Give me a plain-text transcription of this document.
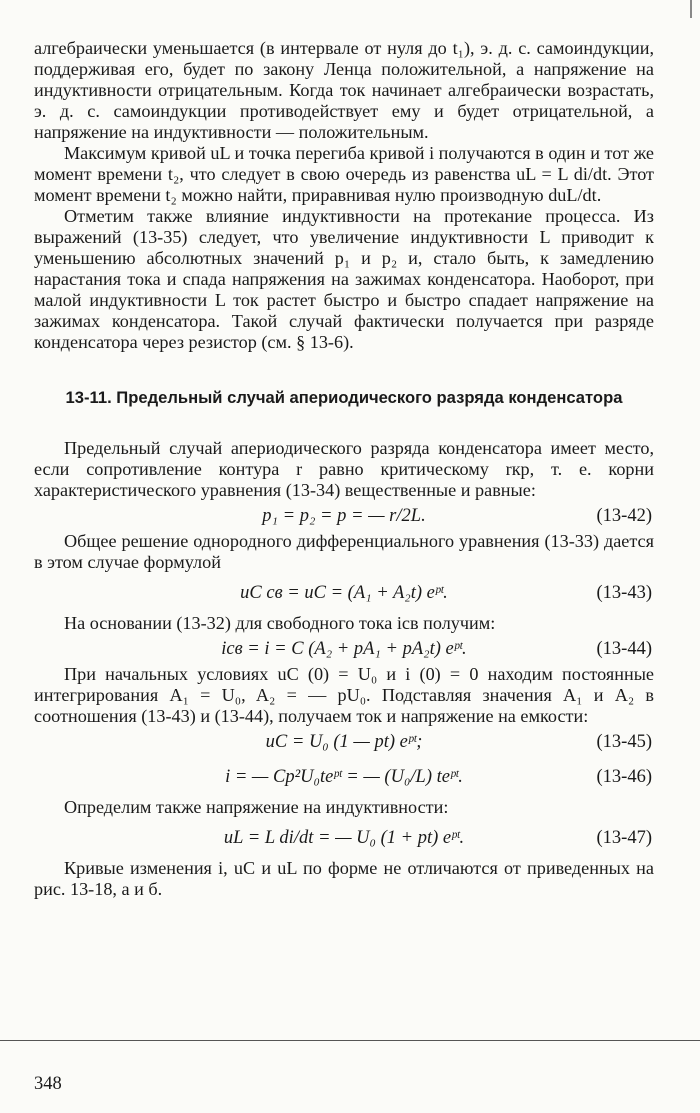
алгебраически уменьшается (в интервале от нуля до t₁), э. д. с. самоиндукции, поддерживая его, будет по закону Ленца положительной, а напряжение на индуктивности отрицательным. Когда ток начинает алгебраически возрастать, э. д. с. самоиндукции противодействует ему и будет отрицательной, а напряжение на индуктивности — положительным.

Максимум кривой uL и точка перегиба кривой i получаются в один и тот же момент времени t₂, что следует в свою очередь из равенства uL = L di/dt. Этот момент времени t₂ можно найти, приравнивая нулю производную duL/dt.

Отметим также влияние индуктивности на протекание процесса. Из выражений (13-35) следует, что увеличение индуктивности L приводит к уменьшению абсолютных значений p₁ и p₂ и, стало быть, к замедлению нарастания тока и спада напряжения на зажимах конденсатора. Наоборот, при малой индуктивности L ток растет быстро и быстро спадает напряжение на зажимах конденсатора. Такой случай фактически получается при разряде конденсатора через резистор (см. § 13-6).

13-11. Предельный случай апериодического разряда конденсатора

Предельный случай апериодического разряда конденсатора имеет место, если сопротивление контура r равно критическому rкр, т. е. корни характеристического уравнения (13-34) вещественные и равные:

p₁ = p₂ = p = — r/2L.	(13-42)

Общее решение однородного дифференциального уравнения (13-33) дается в этом случае формулой

uC св = uC = (A₁ + A₂t) eᵖᵗ.	(13-43)

На основании (13-32) для свободного тока iсв получим:

iсв = i = C (A₂ + pA₁ + pA₂t) eᵖᵗ.	(13-44)

При начальных условиях uC (0) = U₀ и i (0) = 0 находим постоянные интегрирования A₁ = U₀, A₂ = — pU₀. Подставляя значения A₁ и A₂ в соотношения (13-43) и (13-44), получаем ток и напряжение на емкости:

uC = U₀ (1 — pt) eᵖᵗ;	(13-45)
i = — Cp²U₀teᵖᵗ = — (U₀/L) teᵖᵗ.	(13-46)

Определим также напряжение на индуктивности:

uL = L di/dt = — U₀ (1 + pt) eᵖᵗ.	(13-47)

Кривые изменения i, uC и uL по форме не отличаются от приведенных на рис. 13-18, а и б.

348
